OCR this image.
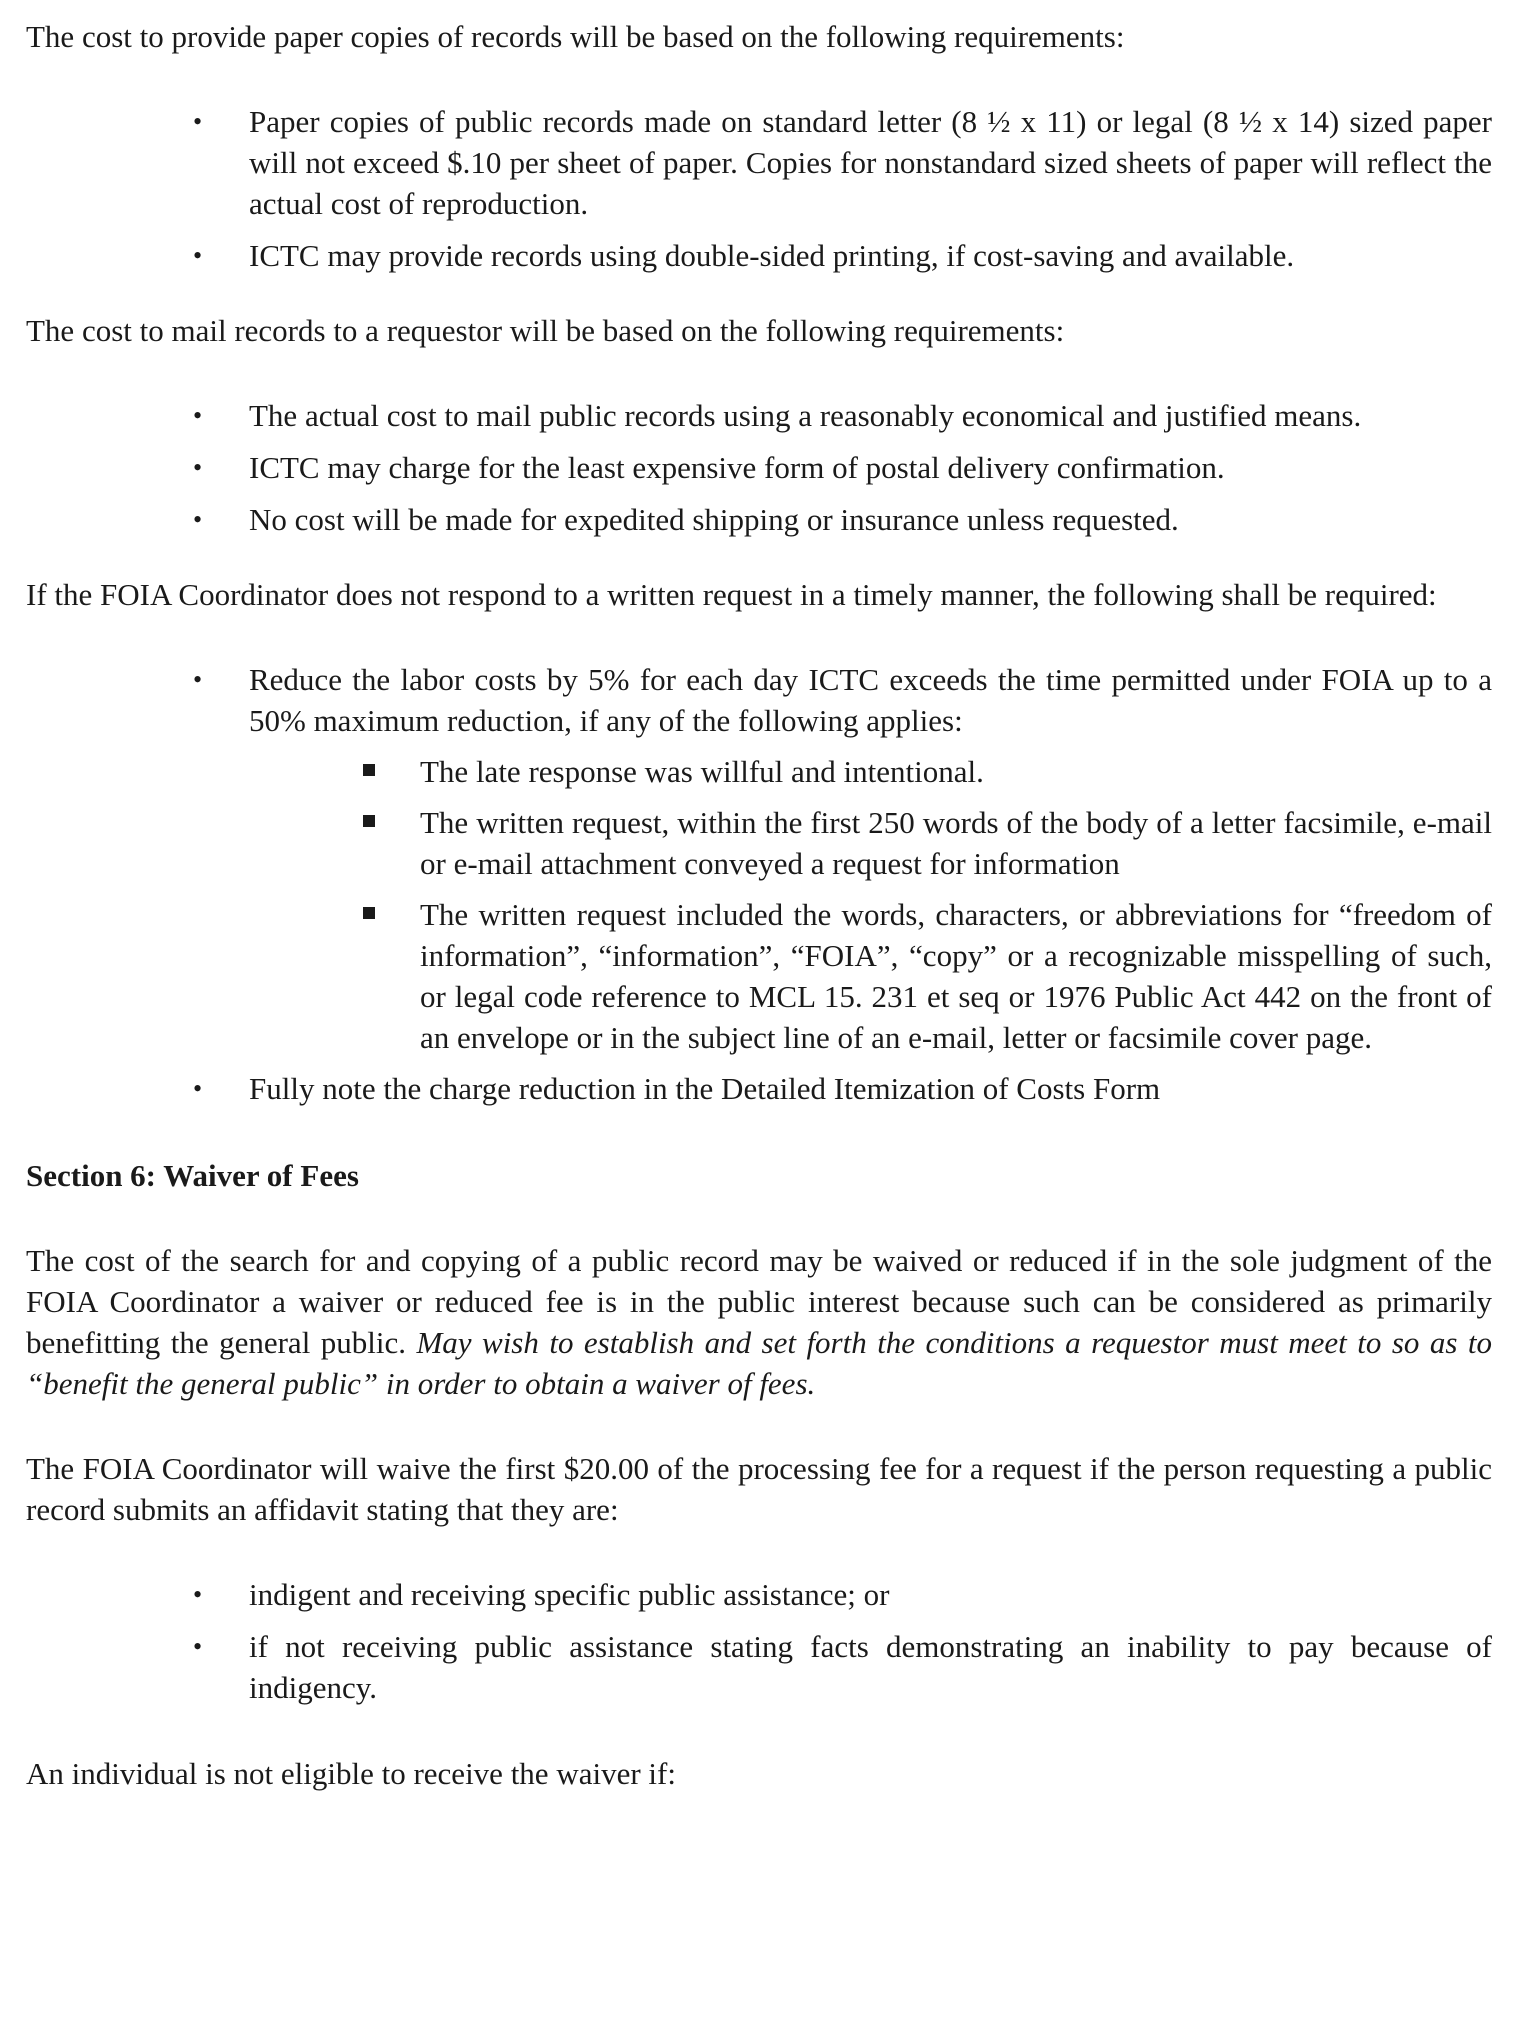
The cost to provide paper copies of records will be based on the following requirements:

• Paper copies of public records made on standard letter (8 ½ x 11) or legal (8 ½ x 14) sized paper will not exceed $.10 per sheet of paper. Copies for nonstandard sized sheets of paper will reflect the actual cost of reproduction.
• ICTC may provide records using double-sided printing, if cost-saving and available.

The cost to mail records to a requestor will be based on the following requirements:

• The actual cost to mail public records using a reasonably economical and justified means.
• ICTC may charge for the least expensive form of postal delivery confirmation.
• No cost will be made for expedited shipping or insurance unless requested.

If the FOIA Coordinator does not respond to a written request in a timely manner, the following shall be required:

• Reduce the labor costs by 5% for each day ICTC exceeds the time permitted under FOIA up to a 50% maximum reduction, if any of the following applies:
The late response was willful and intentional.
The written request, within the first 250 words of the body of a letter facsimile, e-mail or e-mail attachment conveyed a request for information
The written request included the words, characters, or abbreviations for “freedom of information”, “information”, “FOIA”, “copy” or a recognizable misspelling of such, or legal code reference to MCL 15. 231 et seq or 1976 Public Act 442 on the front of an envelope or in the subject line of an e-mail, letter or facsimile cover page.
• Fully note the charge reduction in the Detailed Itemization of Costs Form

Section 6: Waiver of Fees

The cost of the search for and copying of a public record may be waived or reduced if in the sole judgment of the FOIA Coordinator a waiver or reduced fee is in the public interest because such can be considered as primarily benefitting the general public. May wish to establish and set forth the conditions a requestor must meet to so as to “benefit the general public” in order to obtain a waiver of fees.

The FOIA Coordinator will waive the first $20.00 of the processing fee for a request if the person requesting a public record submits an affidavit stating that they are:

• indigent and receiving specific public assistance; or
• if not receiving public assistance stating facts demonstrating an inability to pay because of indigency.

An individual is not eligible to receive the waiver if:
